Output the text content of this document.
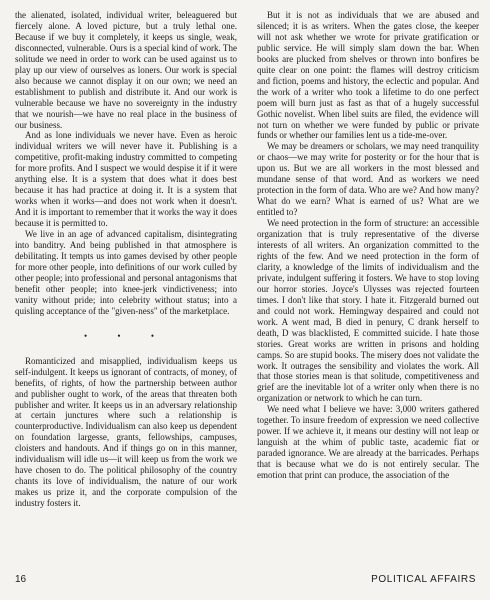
the alienated, isolated, individual writer, beleaguered but fiercely alone. A loved picture, but a truly lethal one. Because if we buy it completely, it keeps us single, weak, disconnected, vulnerable. Ours is a special kind of work. The solitude we need in order to work can be used against us to play up our view of ourselves as loners. Our work is special also because we cannot display it on our own; we need an establishment to publish and distribute it. And our work is vulnerable because we have no sovereignty in the industry that we nourish—we have no real place in the business of our business.

And as lone individuals we never have. Even as heroic individual writers we will never have it. Publishing is a competitive, profit-making industry committed to competing for more profits. And I suspect we would despise it if it were anything else. It is a system that does what it does best because it has had practice at doing it. It is a system that works when it works—and does not work when it doesn't. And it is important to remember that it works the way it does because it is permitted to.

We live in an age of advanced capitalism, disintegrating into banditry. And being published in that atmosphere is debilitating. It tempts us into games devised by other people for more other people, into definitions of our work culled by other people; into professional and personal antagonisms that benefit other people; into knee-jerk vindictiveness; into vanity without pride; into celebrity without status; into a quisling acceptance of the "given-ness" of the marketplace.

• • •

Romanticized and misapplied, individualism keeps us self-indulgent. It keeps us ignorant of contracts, of money, of benefits, of rights, of how the partnership between author and publisher ought to work, of the areas that threaten both publisher and writer. It keeps us in an adversary relationship at certain junctures where such a relationship is counterproductive. Individualism can also keep us dependent on foundation largesse, grants, fellowships, campuses, cloisters and handouts. And if things go on in this manner, individualism will idle us—it will keep us from the work we have chosen to do. The political philosophy of the country chants its love of individualism, the nature of our work makes us prize it, and the corporate compulsion of the industry fosters it.

But it is not as individuals that we are abused and silenced; it is as writers. When the gates close, the keeper will not ask whether we wrote for private gratification or public service. He will simply slam down the bar. When books are plucked from shelves or thrown into bonfires be quite clear on one point: the flames will destroy criticism and fiction, poems and history, the eclectic and popular. And the work of a writer who took a lifetime to do one perfect poem will burn just as fast as that of a hugely successful Gothic novelist. When libel suits are filed, the evidence will not turn on whether we were funded by public or private funds or whether our families lent us a tide-me-over.

We may be dreamers or scholars, we may need tranquility or chaos—we may write for posterity or for the hour that is upon us. But we are all workers in the most blessed and mundane sense of that word. And as workers we need protection in the form of data. Who are we? And how many? What do we earn? What is earned of us? What are we entitled to?

We need protection in the form of structure: an accessible organization that is truly representative of the diverse interests of all writers. An organization committed to the rights of the few. And we need protection in the form of clarity, a knowledge of the limits of individualism and the private, indulgent suffering it fosters. We have to stop loving our horror stories. Joyce's Ulysses was rejected fourteen times. I don't like that story. I hate it. Fitzgerald burned out and could not work. Hemingway despaired and could not work. A went mad, B died in penury, C drank herself to death, D was blacklisted, E committed suicide. I hate those stories. Great works are written in prisons and holding camps. So are stupid books. The misery does not validate the work. It outrages the sensibility and violates the work. All that those stories mean is that solitude, competitiveness and grief are the inevitable lot of a writer only when there is no organization or network to which he can turn.

We need what I believe we have: 3,000 writers gathered together. To insure freedom of expression we need collective power. If we achieve it, it means our destiny will not leap or languish at the whim of public taste, academic fiat or paraded ignorance. We are already at the barricades. Perhaps that is because what we do is not entirely secular. The emotion that print can produce, the association of the

16	POLITICAL AFFAIRS
